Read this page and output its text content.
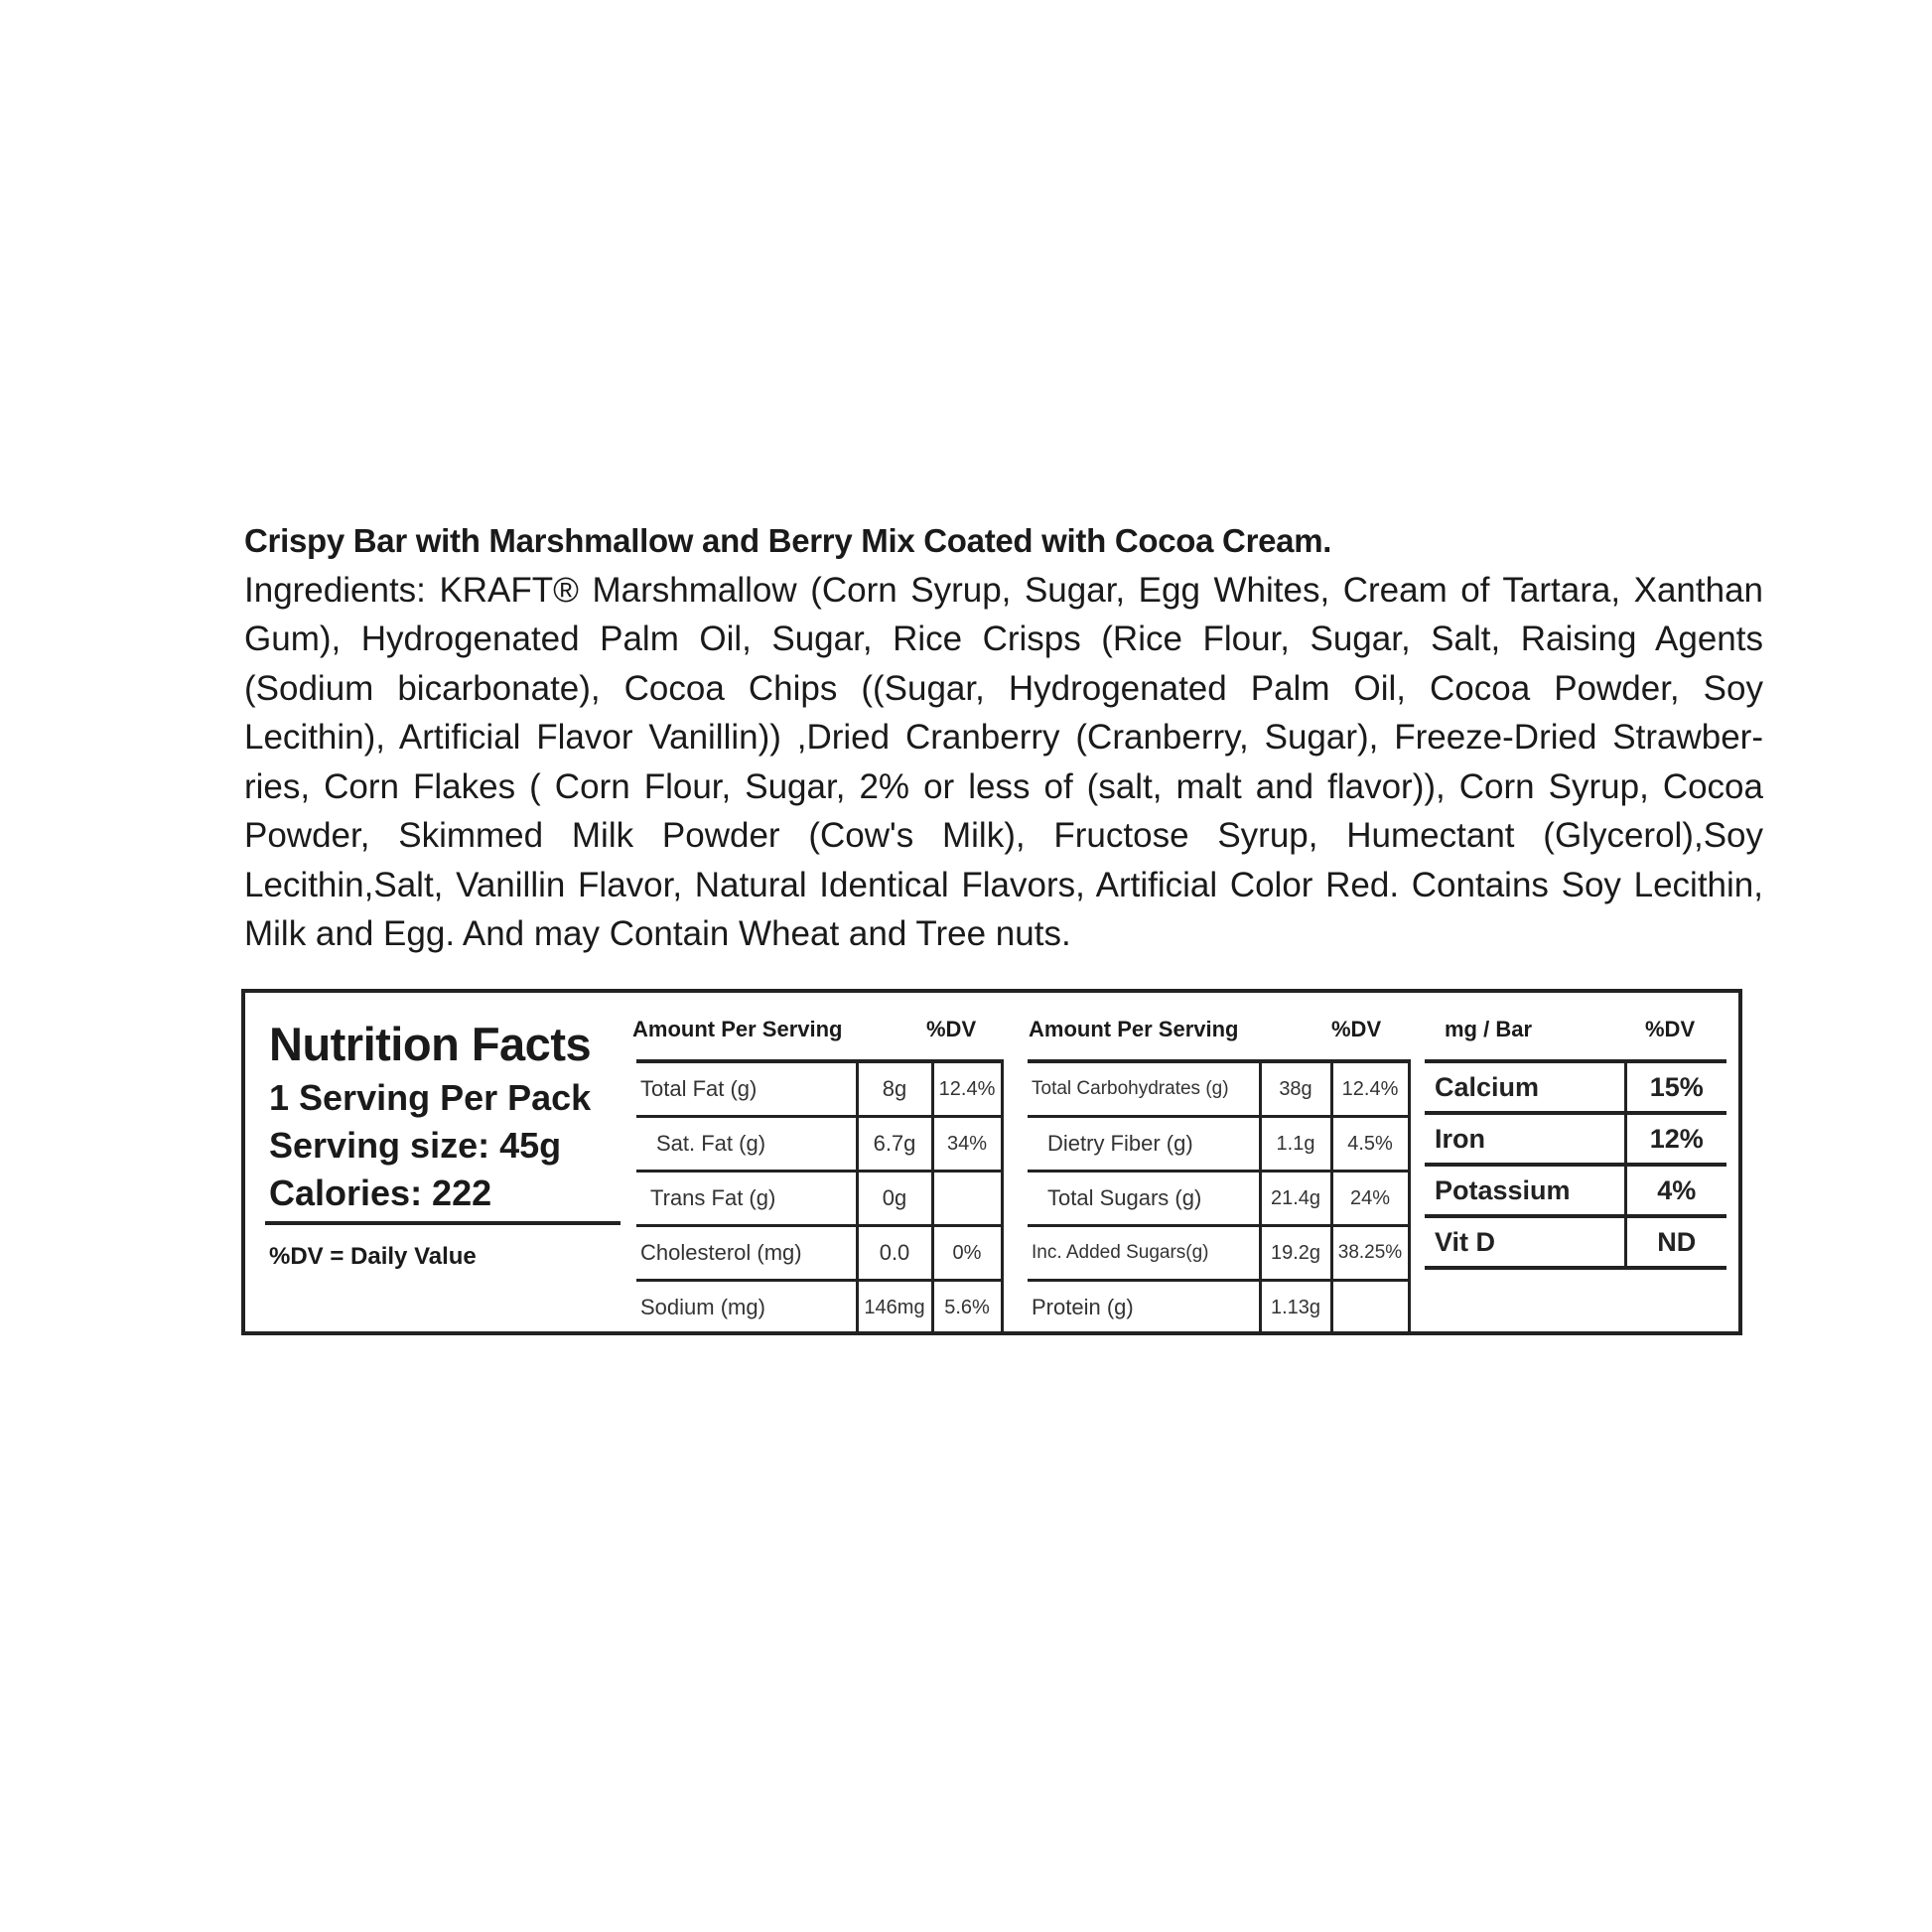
Crispy Bar with Marshmallow and Berry Mix Coated with Cocoa Cream.
Ingredients: KRAFT® Marshmallow (Corn Syrup, Sugar, Egg Whites, Cream of Tartara, Xanthan Gum), Hydrogenated Palm Oil, Sugar, Rice Crisps (Rice Flour, Sugar, Salt, Raising Agents (Sodium bicarbonate), Cocoa Chips ((Sugar, Hydrogenated Palm Oil, Cocoa Powder, Soy Lecithin), Artificial Flavor Vanillin)) ,Dried Cranberry (Cranberry, Sugar), Freeze-Dried Strawber-ries, Corn Flakes ( Corn Flour, Sugar, 2% or less of (salt, malt and flavor)), Corn Syrup, Cocoa Powder, Skimmed Milk Powder (Cow's Milk), Fructose Syrup, Humectant (Glycerol),Soy Lecithin,Salt, Vanillin Flavor, Natural Identical Flavors, Artificial Color Red. Contains Soy Lecithin, Milk and Egg. And may Contain Wheat and Tree nuts.
Nutrition Facts
1 Serving Per Pack
Serving size: 45g
Calories: 222
%DV = Daily Value
Amount Per Serving	%DV
Total Fat (g)	8g	12.4%
Sat. Fat (g)	6.7g	34%
Trans Fat (g)	0g	
Cholesterol (mg)	0.0	0%
Sodium (mg)	146mg	5.6%
Amount Per Serving	%DV
Total Carbohydrates (g)	38g	12.4%
Dietry Fiber (g)	1.1g	4.5%
Total Sugars (g)	21.4g	24%
Inc. Added Sugars(g)	19.2g	38.25%
Protein (g)	1.13g	
mg / Bar	%DV
Calcium	15%
Iron	12%
Potassium	4%
Vit D	ND
